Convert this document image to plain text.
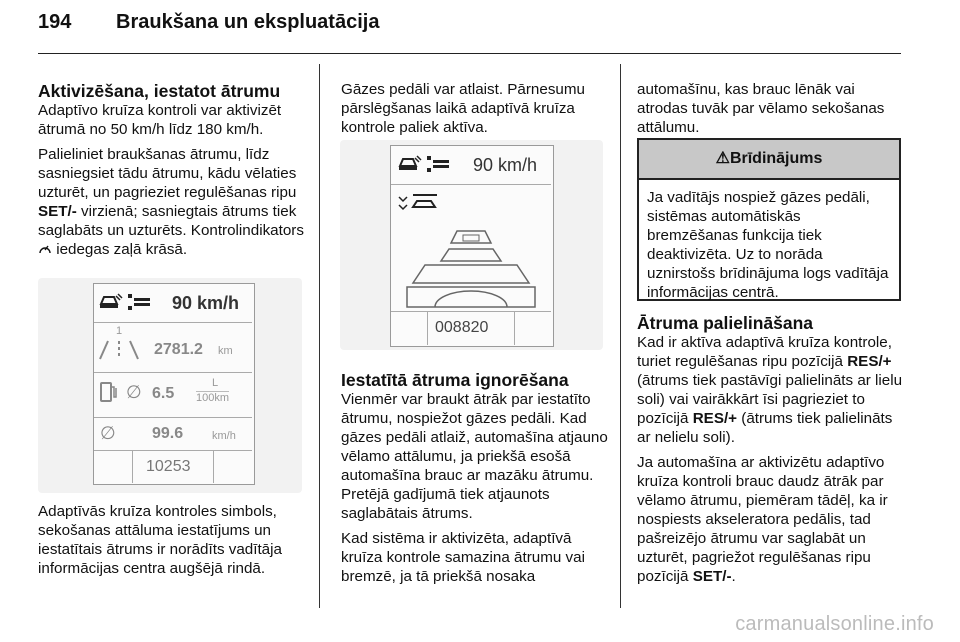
194 Braukšana un ekspluatācija
Aktivizēšana, iestatot ātrumu

Adaptīvo kruīza kontroli var aktivizēt ātrumā no 50 km/h līdz 180 km/h.

Palieliniet braukšanas ātrumu, līdz sasniegsiet tādu ātrumu, kādu vēlaties uzturēt, un pagrieziet regulēšanas ripu SET/- virzienā; sasniegtais ātrums tiek saglabāts un uzturēts. Kontrolindikators  iedegas zaļā krāsā.

90 km/h
1
2781.2 km
∅ 6.5
L
100km
∅ 99.6	km/h
10253

Adaptīvās kruīza kontroles simbols, sekošanas attāluma iestatījums un iestatītais ātrums ir norādīts vadītāja informācijas centra augšējā rindā.

Gāzes pedāli var atlaist. Pārnesumu pārslēgšanas laikā adaptīvā kruīza kontrole paliek aktīva.

90 km/h
008820
Iestatītā ātruma ignorēšana

Vienmēr var braukt ātrāk par iestatīto ātrumu, nospiežot gāzes pedāli. Kad gāzes pedāli atlaiž, automašīna atjauno vēlamo attālumu, ja priekšā esošā automašīna brauc ar mazāku ātrumu. Pretējā gadījumā tiek atjaunots saglabātais ātrums.

Kad sistēma ir aktivizēta, adaptīvā kruīza kontrole samazina ātrumu vai bremzē, ja tā priekšā nosaka

automašīnu, kas brauc lēnāk vai atrodas tuvāk par vēlamo sekošanas attālumu.

⚠Brīdinājums
Ja vadītājs nospiež gāzes pedāli, sistēmas automātiskās bremzēšanas funkcija tiek deaktivizēta. Uz to norāda uznirstošs brīdinājuma logs vadītāja informācijas centrā.
Ātruma palielināšana

Kad ir aktīva adaptīvā kruīza kontrole, turiet regulēšanas ripu pozīcijā RES/+ (ātrums tiek pastāvīgi palielināts ar lielu soli) vai vairākkārt īsi pagrieziet to pozīcijā RES/+ (ātrums tiek palielināts ar nelielu soli).

Ja automašīna ar aktivizētu adaptīvo kruīza kontroli brauc daudz ātrāk par vēlamo ātrumu, piemēram tādēļ, ka ir nospiests akseleratora pedālis, tad pašreizējo ātrumu var saglabāt un uzturēt, pagriežot regulēšanas ripu pozīcijā SET/-.

carmanualsonline.info
